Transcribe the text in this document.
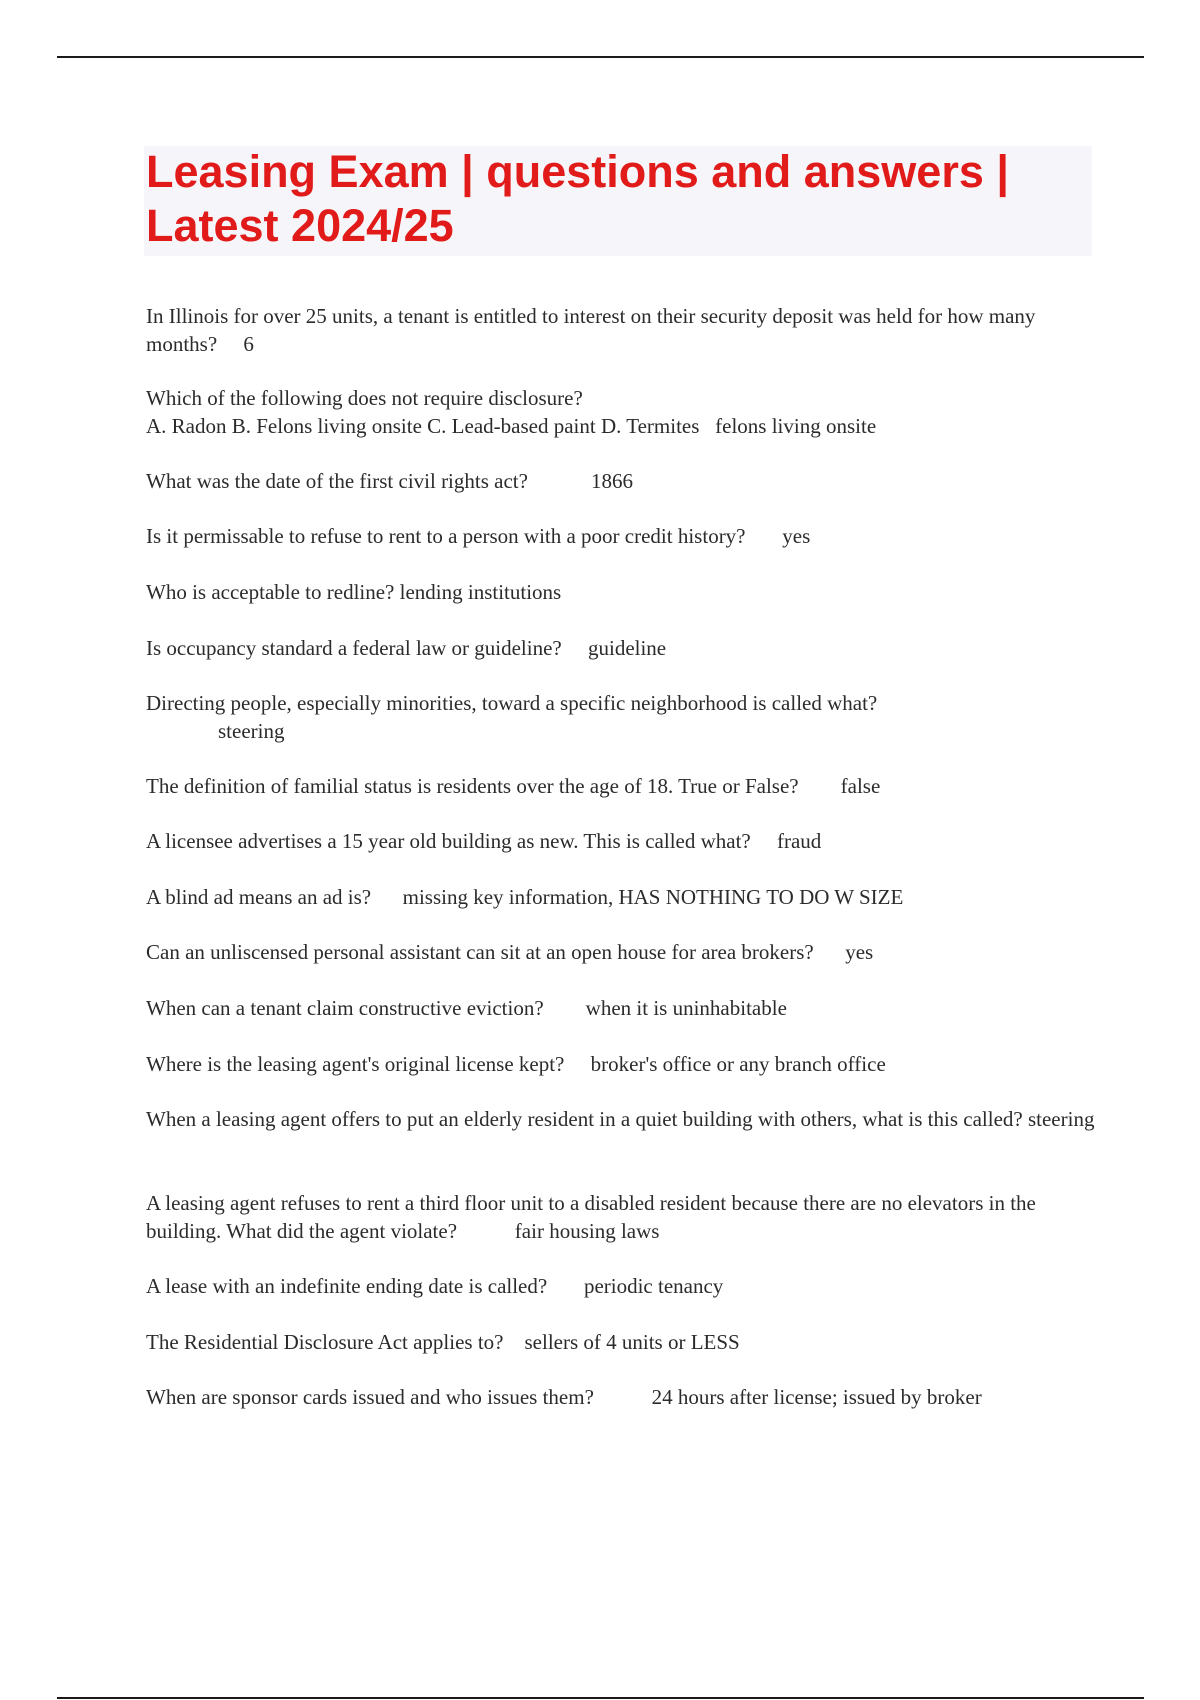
Leasing Exam | questions and answers | Latest 2024/25

In Illinois for over 25 units, a tenant is entitled to interest on their security deposit was held for how many months? 6

Which of the following does not require disclosure?
A. Radon B. Felons living onsite C. Lead-based paint D. Termites felons living onsite

What was the date of the first civil rights act?	1866

Is it permissable to refuse to rent to a person with a poor credit history? yes

Who is acceptable to redline? lending institutions

Is occupancy standard a federal law or guideline? guideline

Directing people, especially minorities, toward a specific neighborhood is called what?
steering

The definition of familial status is residents over the age of 18. True or False? false

A licensee advertises a 15 year old building as new. This is called what? fraud

A blind ad means an ad is? missing key information, HAS NOTHING TO DO W SIZE

Can an unliscensed personal assistant can sit at an open house for area brokers? yes

When can a tenant claim constructive eviction? when it is uninhabitable

Where is the leasing agent's original license kept? broker's office or any branch office

When a leasing agent offers to put an elderly resident in a quiet building with others, what is this called? steering

A leasing agent refuses to rent a third floor unit to a disabled resident because there are no elevators in the building. What did the agent violate?	fair housing laws

A lease with an indefinite ending date is called? periodic tenancy

The Residential Disclosure Act applies to? sellers of 4 units or LESS

When are sponsor cards issued and who issues them?	24 hours after license; issued by broker
